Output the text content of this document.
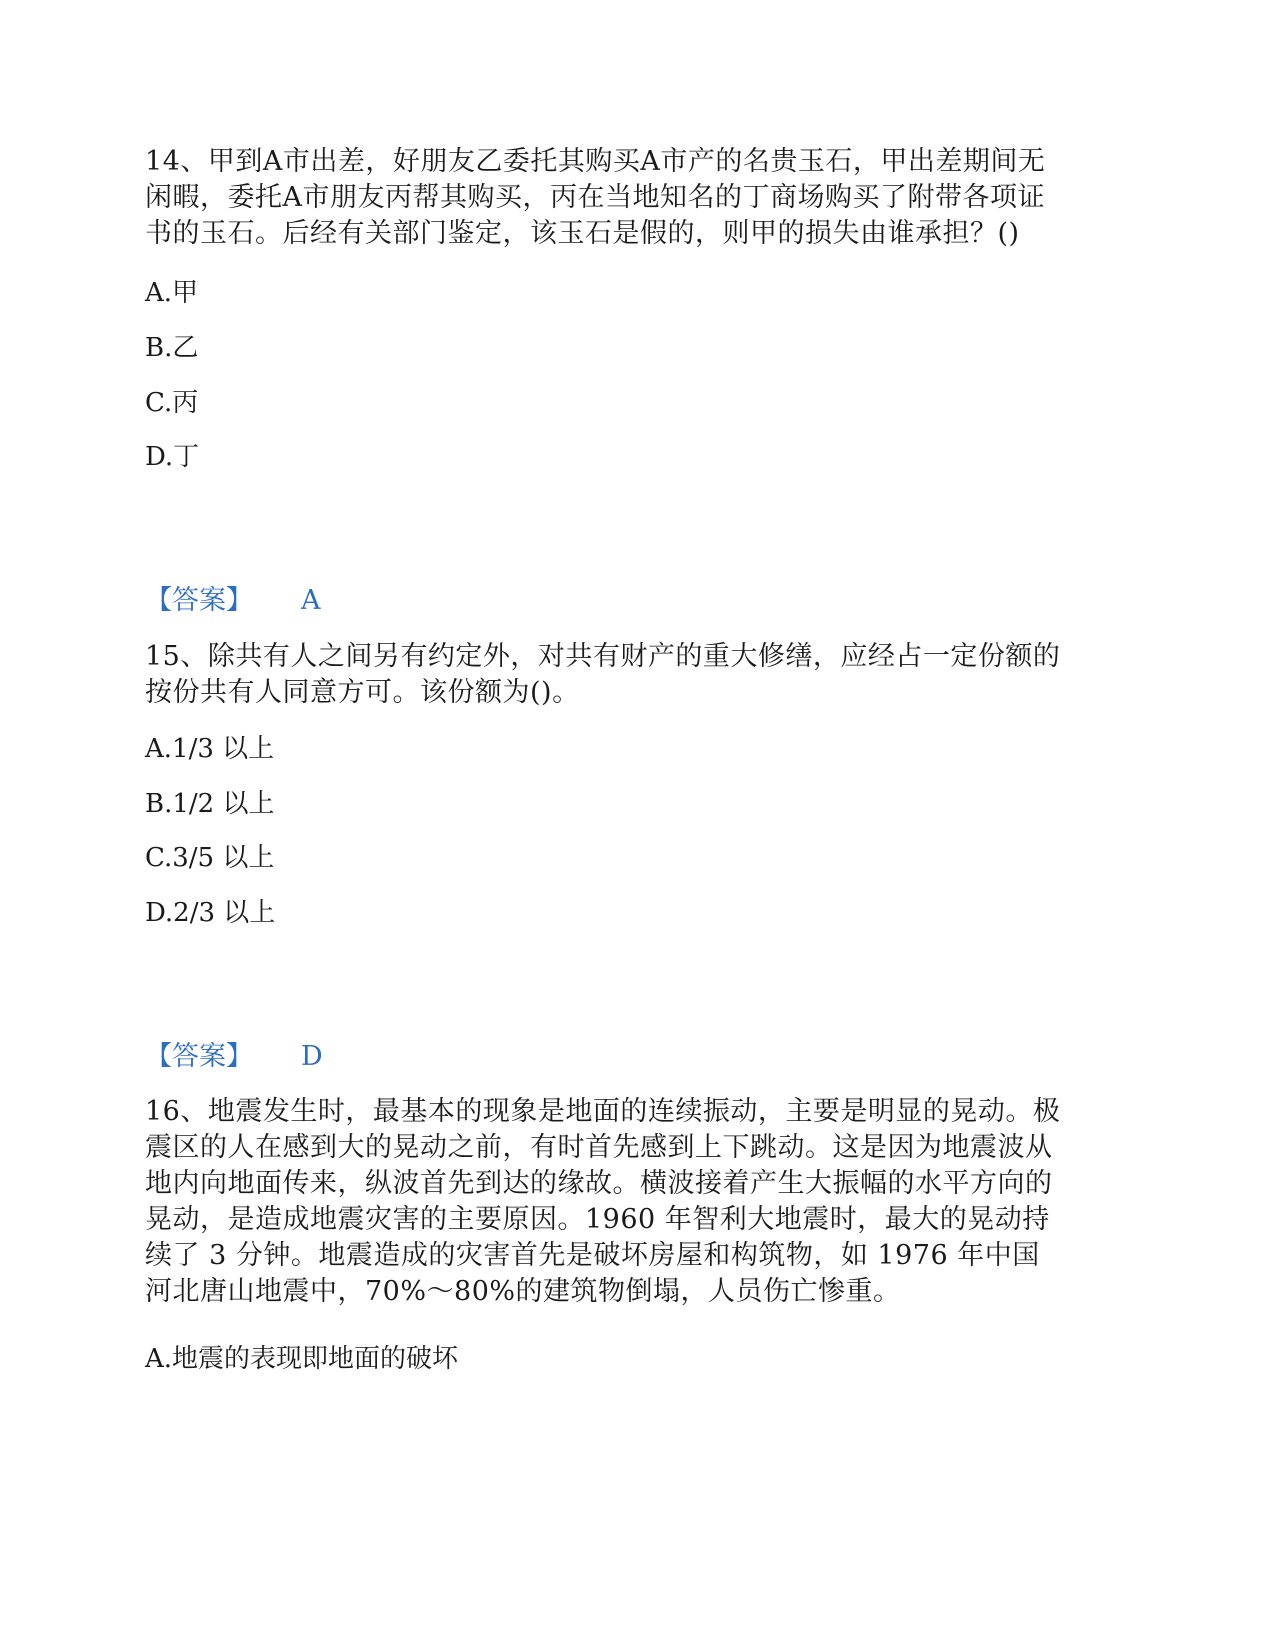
14、甲到A市出差，好朋友乙委托其购买A市产的名贵玉石，甲出差期间无闲暇，委托A市朋友丙帮其购买，丙在当地知名的丁商场购买了附带各项证书的玉石。后经有关部门鉴定，该玉石是假的，则甲的损失由谁承担？()

A.甲

B.乙

C.丙

D.丁

【答案】 A

15、除共有人之间另有约定外，对共有财产的重大修缮，应经占一定份额的按份共有人同意方可。该份额为()。

A.1/3 以上

B.1/2 以上

C.3/5 以上

D.2/3 以上

【答案】 D

16、地震发生时，最基本的现象是地面的连续振动，主要是明显的晃动。极震区的人在感到大的晃动之前，有时首先感到上下跳动。这是因为地震波从地内向地面传来，纵波首先到达的缘故。横波接着产生大振幅的水平方向的晃动，是造成地震灾害的主要原因。1960 年智利大地震时，最大的晃动持续了 3 分钟。地震造成的灾害首先是破坏房屋和构筑物，如 1976 年中国河北唐山地震中，70%～80%的建筑物倒塌，人员伤亡惨重。

A.地震的表现即地面的破坏
